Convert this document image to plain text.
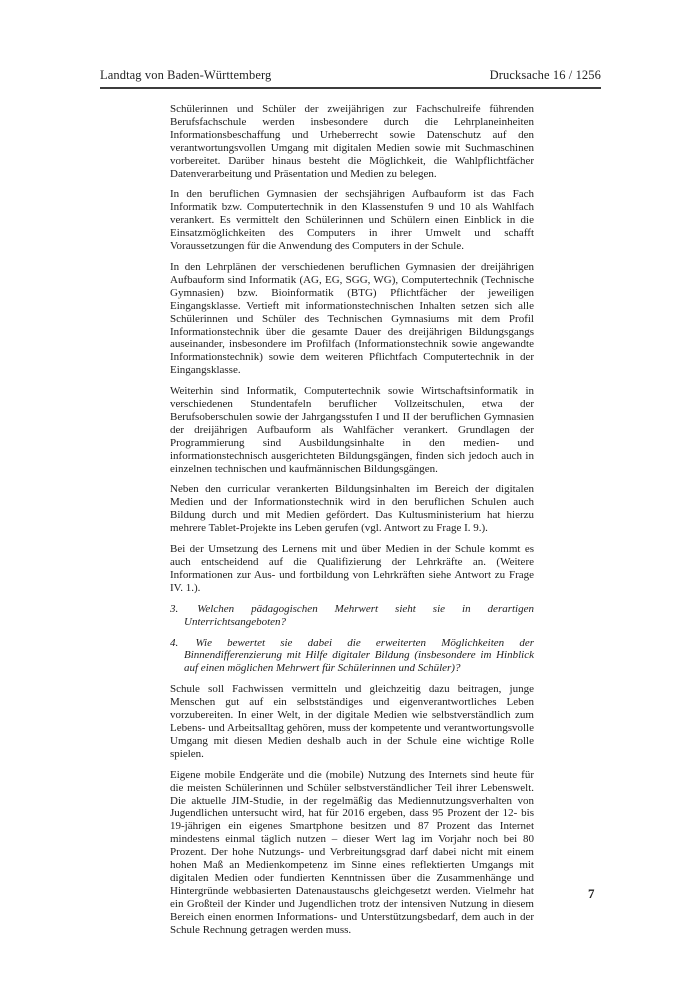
Landtag von Baden-Württemberg	Drucksache 16 / 1256

Schülerinnen und Schüler der zweijährigen zur Fachschulreife führenden Berufsfachschule werden insbesondere durch die Lehrplaneinheiten Informationsbeschaffung und Urheberrecht sowie Datenschutz auf den verantwortungsvollen Umgang mit digitalen Medien sowie mit Suchmaschinen vorbereitet. Darüber hinaus besteht die Möglichkeit, die Wahlpflichtfächer Datenverarbeitung und Präsentation und Medien zu belegen.

In den beruflichen Gymnasien der sechsjährigen Aufbauform ist das Fach Informatik bzw. Computertechnik in den Klassenstufen 9 und 10 als Wahlfach verankert. Es vermittelt den Schülerinnen und Schülern einen Einblick in die Einsatzmöglichkeiten des Computers in ihrer Umwelt und schafft Voraussetzungen für die Anwendung des Computers in der Schule.

In den Lehrplänen der verschiedenen beruflichen Gymnasien der dreijährigen Aufbauform sind Informatik (AG, EG, SGG, WG), Computertechnik (Technische Gymnasien) bzw. Bioinformatik (BTG) Pflichtfächer der jeweiligen Eingangsklasse. Vertieft mit informationstechnischen Inhalten setzen sich alle Schülerinnen und Schüler des Technischen Gymnasiums mit dem Profil Informationstechnik über die gesamte Dauer des dreijährigen Bildungsgangs auseinander, insbesondere im Profilfach (Informationstechnik sowie angewandte Informationstechnik) sowie dem weiteren Pflichtfach Computertechnik in der Eingangsklasse.

Weiterhin sind Informatik, Computertechnik sowie Wirtschaftsinformatik in verschiedenen Stundentafeln beruflicher Vollzeitschulen, etwa der Berufsoberschulen sowie der Jahrgangsstufen I und II der beruflichen Gymnasien der dreijährigen Aufbauform als Wahlfächer verankert. Grundlagen der Programmierung sind Ausbildungsinhalte in den medien- und informationstechnisch ausgerichteten Bildungsgängen, finden sich jedoch auch in einzelnen technischen und kaufmännischen Bildungsgängen.

Neben den curricular verankerten Bildungsinhalten im Bereich der digitalen Medien und der Informationstechnik wird in den beruflichen Schulen auch Bildung durch und mit Medien gefördert. Das Kultusministerium hat hierzu mehrere Tablet-Projekte ins Leben gerufen (vgl. Antwort zu Frage I. 9.).

Bei der Umsetzung des Lernens mit und über Medien in der Schule kommt es auch entscheidend auf die Qualifizierung der Lehrkräfte an. (Weitere Informationen zur Aus- und fortbildung von Lehrkräften siehe Antwort zu Frage IV. 1.).

3. Welchen pädagogischen Mehrwert sieht sie in derartigen Unterrichtsangeboten?

4. Wie bewertet sie dabei die erweiterten Möglichkeiten der Binnendifferenzierung mit Hilfe digitaler Bildung (insbesondere im Hinblick auf einen möglichen Mehrwert für Schülerinnen und Schüler)?

Schule soll Fachwissen vermitteln und gleichzeitig dazu beitragen, junge Menschen gut auf ein selbstständiges und eigenverantwortliches Leben vorzubereiten. In einer Welt, in der digitale Medien wie selbstverständlich zum Lebens- und Arbeitsalltag gehören, muss der kompetente und verantwortungsvolle Umgang mit diesen Medien deshalb auch in der Schule eine wichtige Rolle spielen.

Eigene mobile Endgeräte und die (mobile) Nutzung des Internets sind heute für die meisten Schülerinnen und Schüler selbstverständlicher Teil ihrer Lebenswelt. Die aktuelle JIM-Studie, in der regelmäßig das Mediennutzungsverhalten von Jugendlichen untersucht wird, hat für 2016 ergeben, dass 95 Prozent der 12- bis 19-jährigen ein eigenes Smartphone besitzen und 87 Prozent das Internet mindestens einmal täglich nutzen – dieser Wert lag im Vorjahr noch bei 80 Prozent. Der hohe Nutzungs- und Verbreitungsgrad darf dabei nicht mit einem hohen Maß an Medienkompetenz im Sinne eines reflektierten Umgangs mit digitalen Medien oder fundierten Kenntnissen über die Zusammenhänge und Hintergründe webbasierten Datenaustauschs gleichgesetzt werden. Vielmehr hat ein Großteil der Kinder und Jugendlichen trotz der intensiven Nutzung in diesem Bereich einen enormen Informations- und Unterstützungsbedarf, dem auch in der Schule Rechnung getragen werden muss.

7
